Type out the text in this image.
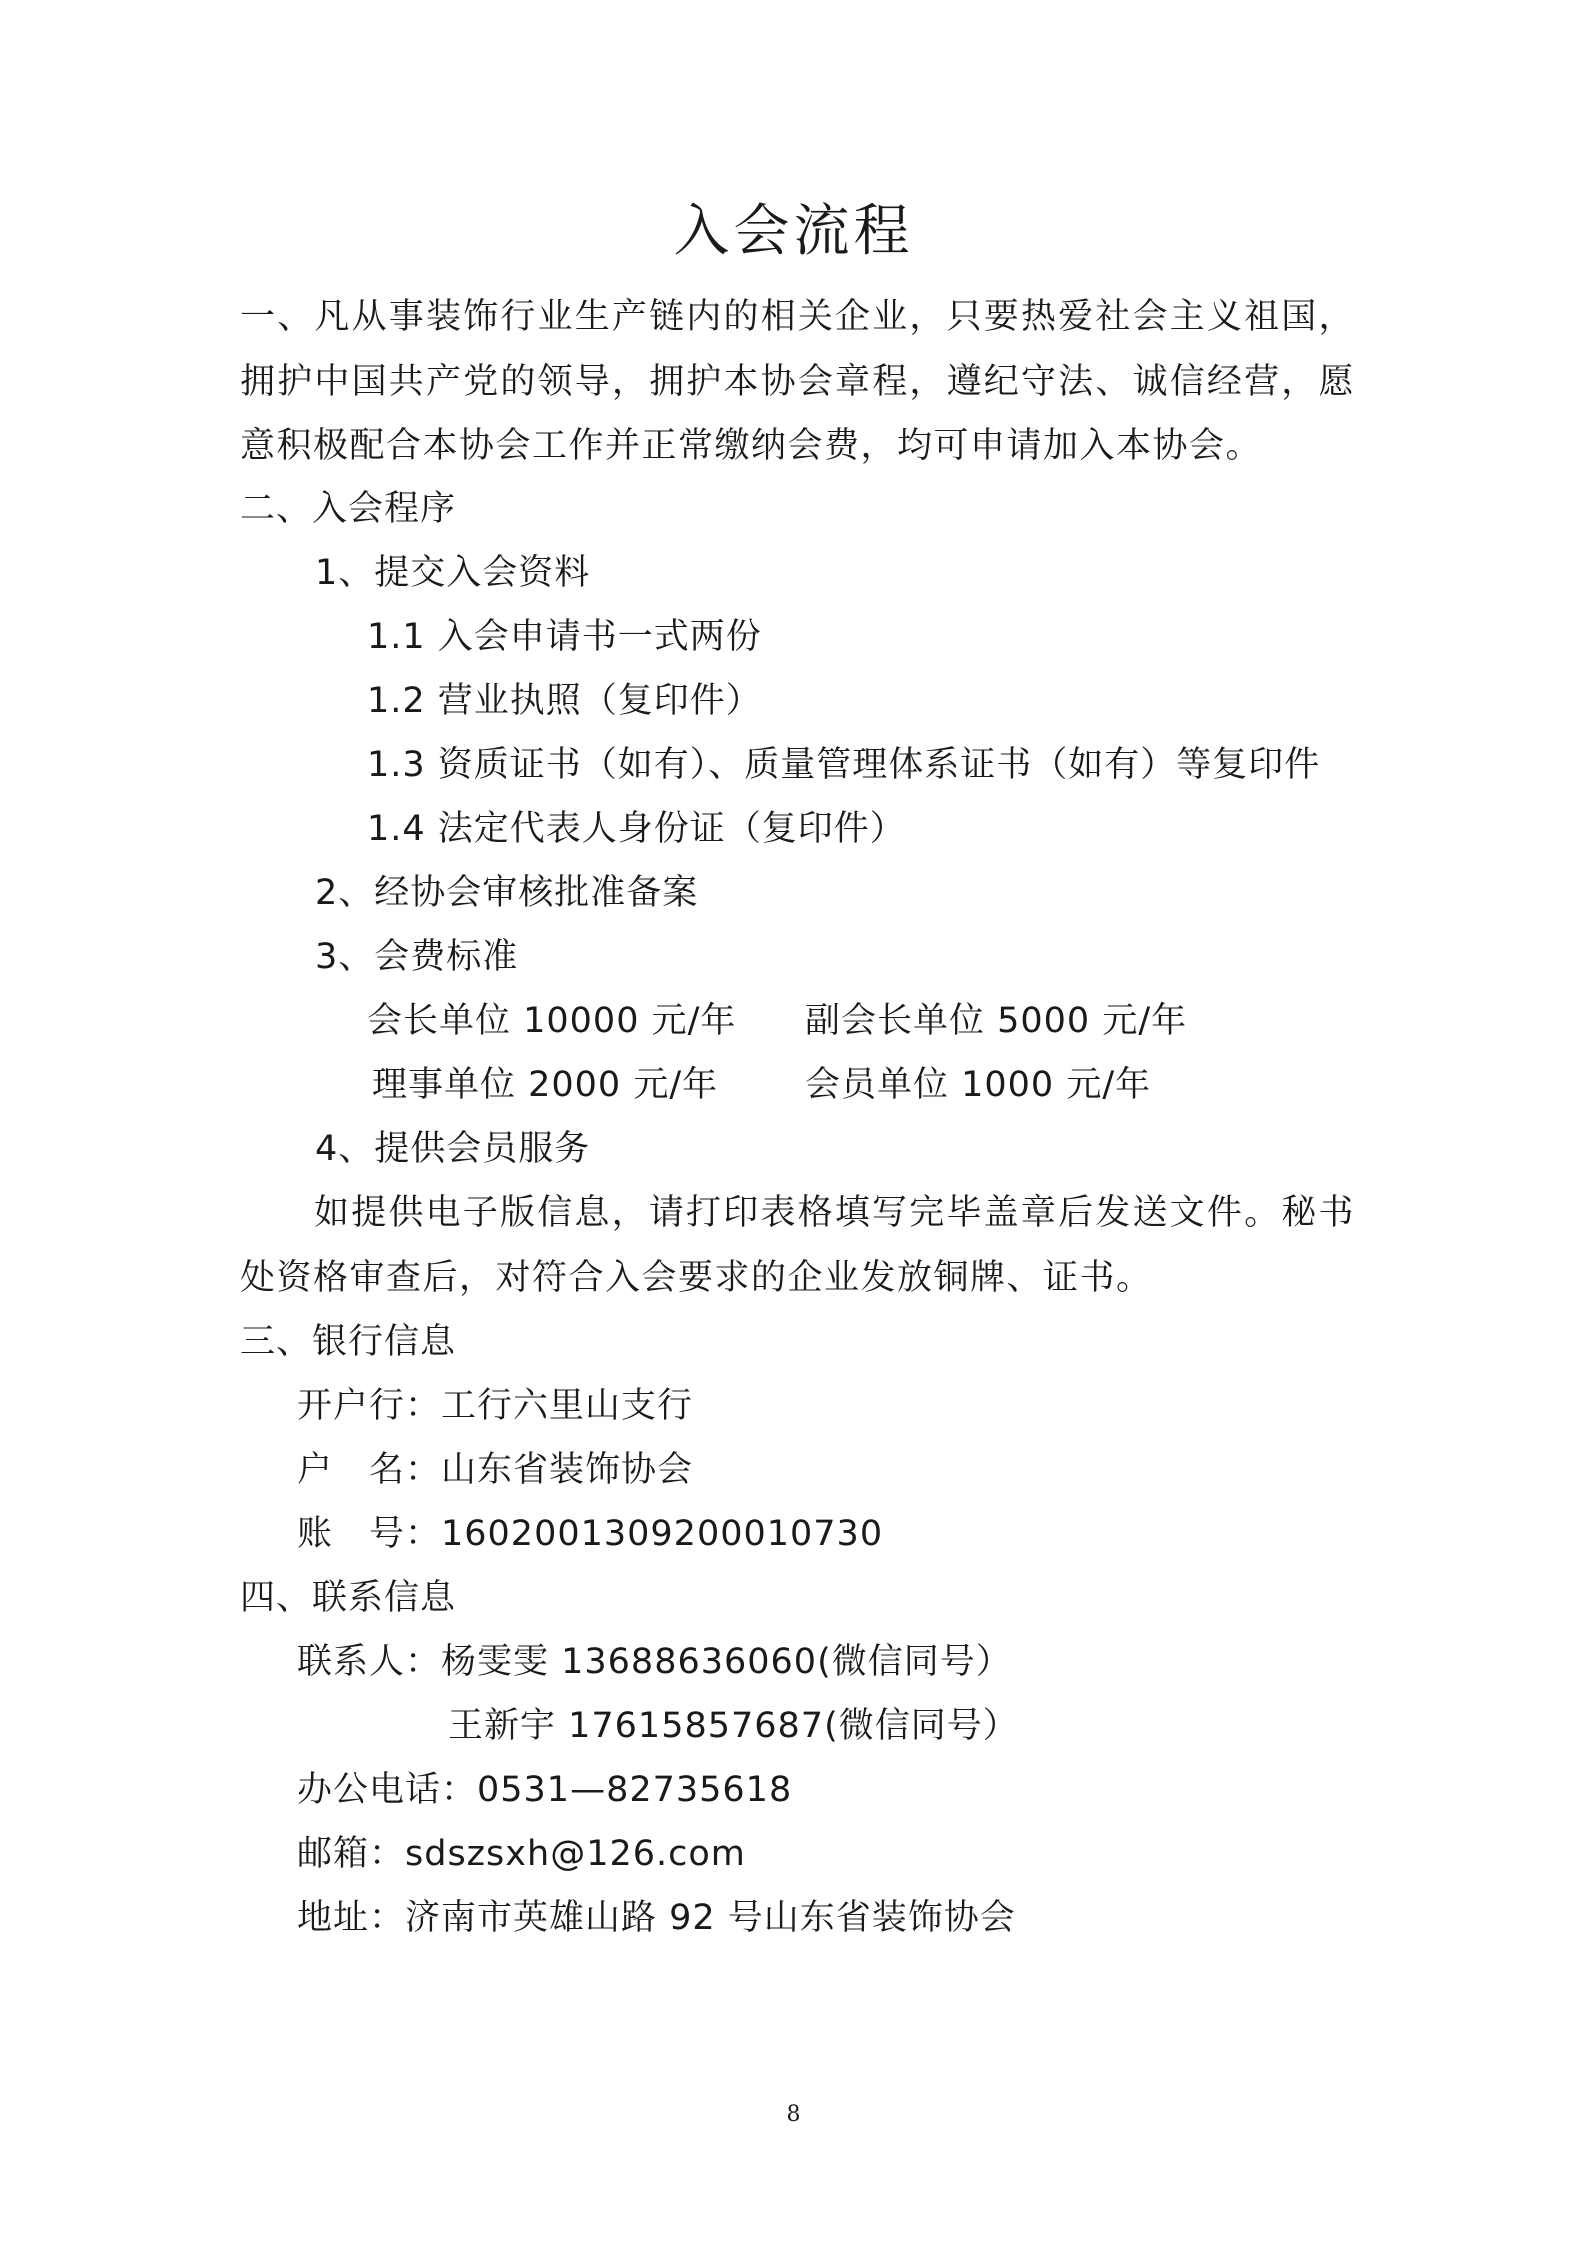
入会流程

一、凡从事装饰行业生产链内的相关企业，只要热爱社会主义祖国，拥护中国共产党的领导，拥护本协会章程，遵纪守法、诚信经营，愿意积极配合本协会工作并正常缴纳会费，均可申请加入本协会。

二、入会程序
1、提交入会资料
1.1 入会申请书一式两份
1.2 营业执照（复印件）
1.3 资质证书（如有）、质量管理体系证书（如有）等复印件
1.4 法定代表人身份证（复印件）
2、经协会审核批准备案
3、会费标准
会长单位 10000 元/年 副会长单位 5000 元/年
理事单位 2000 元/年 会员单位 1000 元/年
4、提供会员服务

如提供电子版信息，请打印表格填写完毕盖章后发送文件。秘书处资格审查后，对符合入会要求的企业发放铜牌、证书。

三、银行信息
开户行：工行六里山支行
户　名：山东省装饰协会
账　号：1602001309200010730
四、联系信息
联系人：杨雯雯 13688636060(微信同号）
王新宇 17615857687(微信同号）
办公电话：0531—82735618
邮箱：sdszsxh@126.com
地址：济南市英雄山路 92 号山东省装饰协会
8
